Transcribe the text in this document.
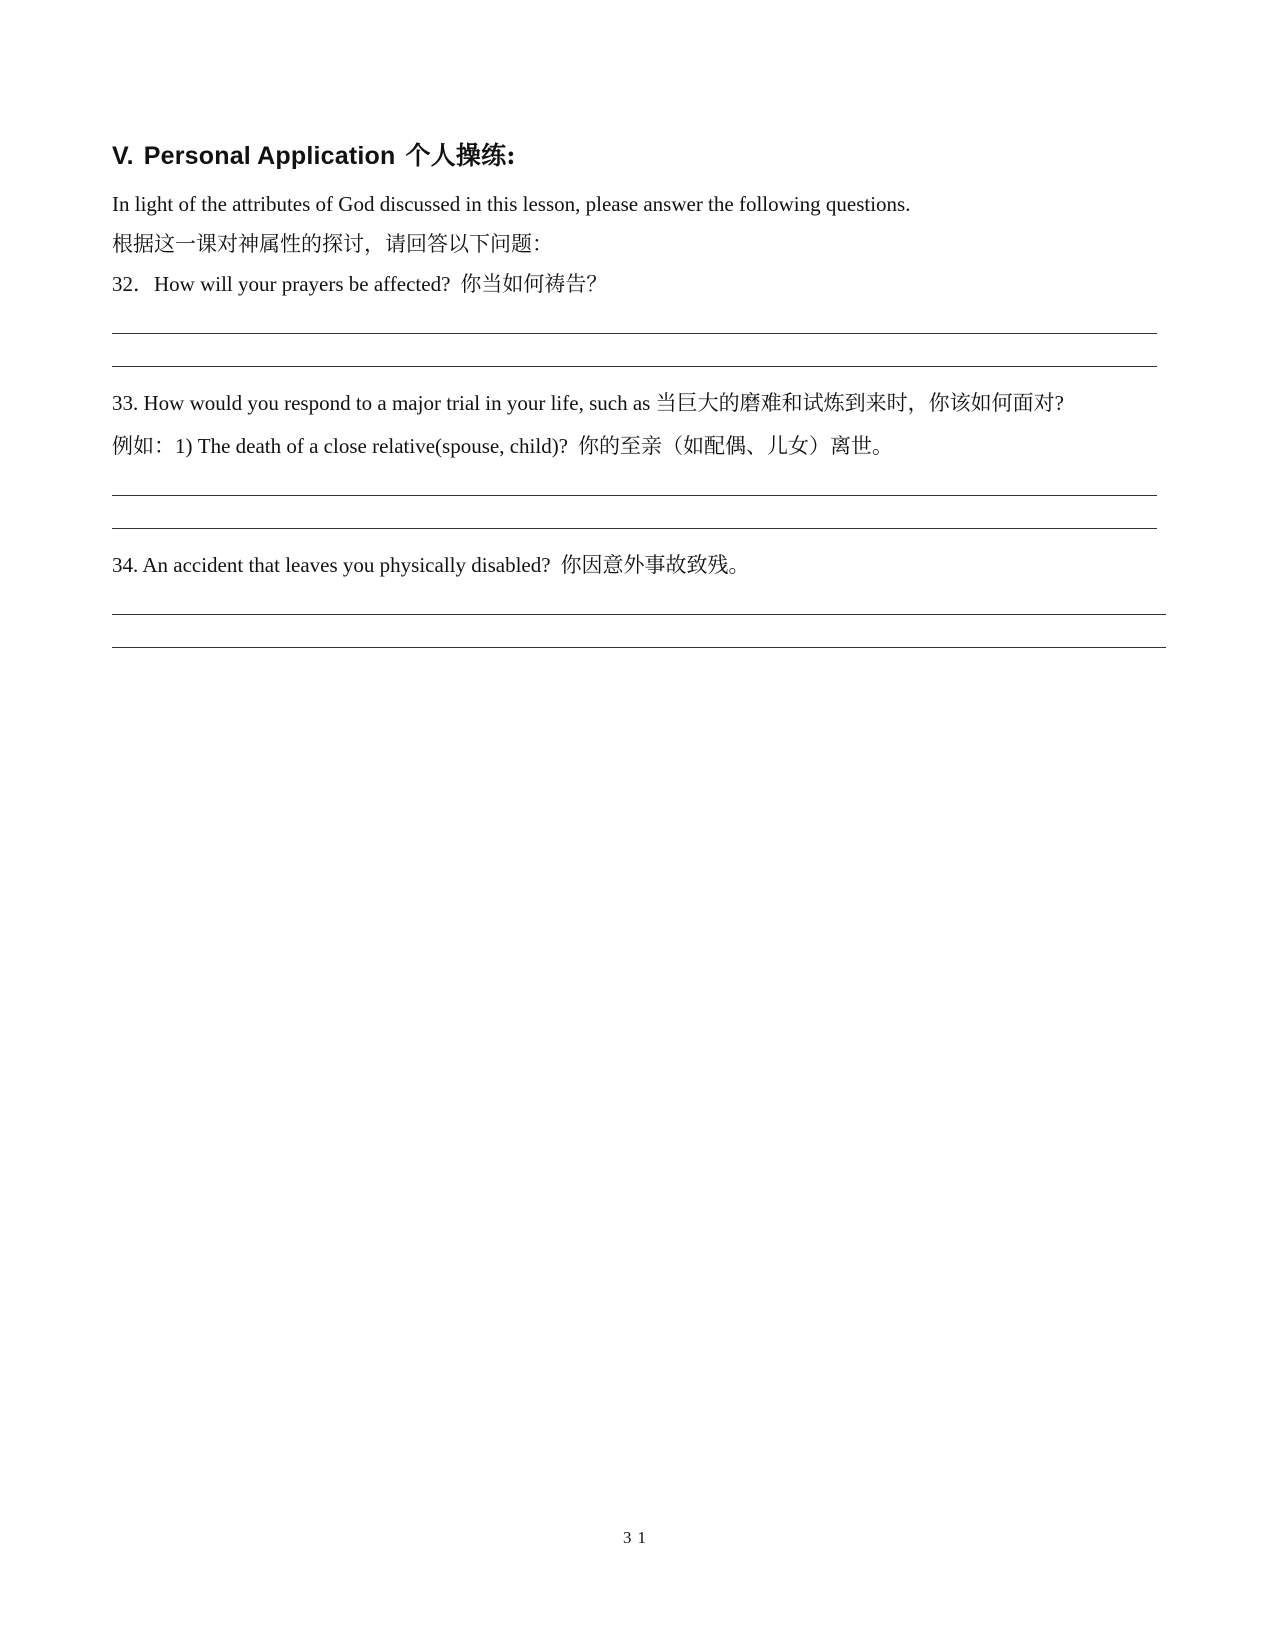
V. Personal Application 个人操练:
In light of the attributes of God discussed in this lesson, please answer the following questions.
根据这一课对神属性的探讨，请回答以下问题：
32．How will your prayers be affected? 你当如何祷告？
33. How would you respond to a major trial in your life, such as 当巨大的磨难和试炼到来时，你该如何面对?
例如：1) The death of a close relative(spouse, child)? 你的至亲（如配偶、儿女）离世。
34. An accident that leaves you physically disabled? 你因意外事故致残。
31
